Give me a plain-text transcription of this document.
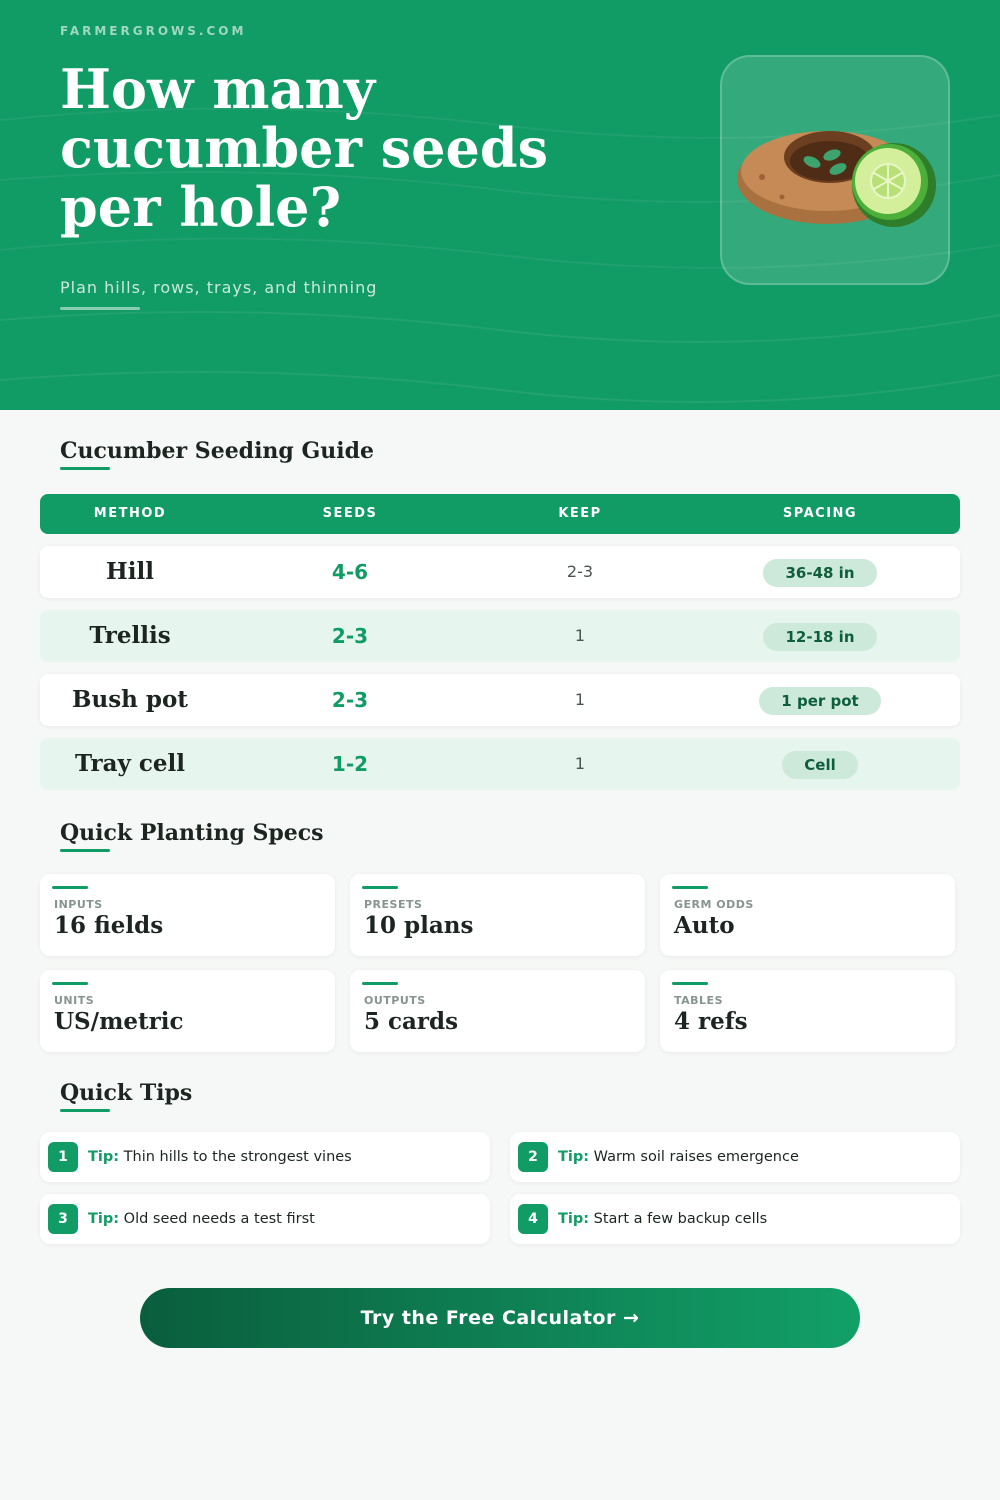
FARMERGROWS.COM
How many cucumber seeds per hole?
Plan hills, rows, trays, and thinning
Cucumber Seeding Guide
METHOD	SEEDS	KEEP	SPACING
Hill	4-6	2-3	36-48 in
Trellis	2-3	1	12-18 in
Bush pot	2-3	1	1 per pot
Tray cell	1-2	1	Cell
Quick Planting Specs
INPUTS
16 fields
PRESETS
10 plans
GERM ODDS
Auto
UNITS
US/metric
OUTPUTS
5 cards
TABLES
4 refs
Quick Tips
1	Tip: Thin hills to the strongest vines	2	Tip: Warm soil raises emergence
3	Tip: Old seed needs a test first	4	Tip: Start a few backup cells
Try the Free Calculator →
